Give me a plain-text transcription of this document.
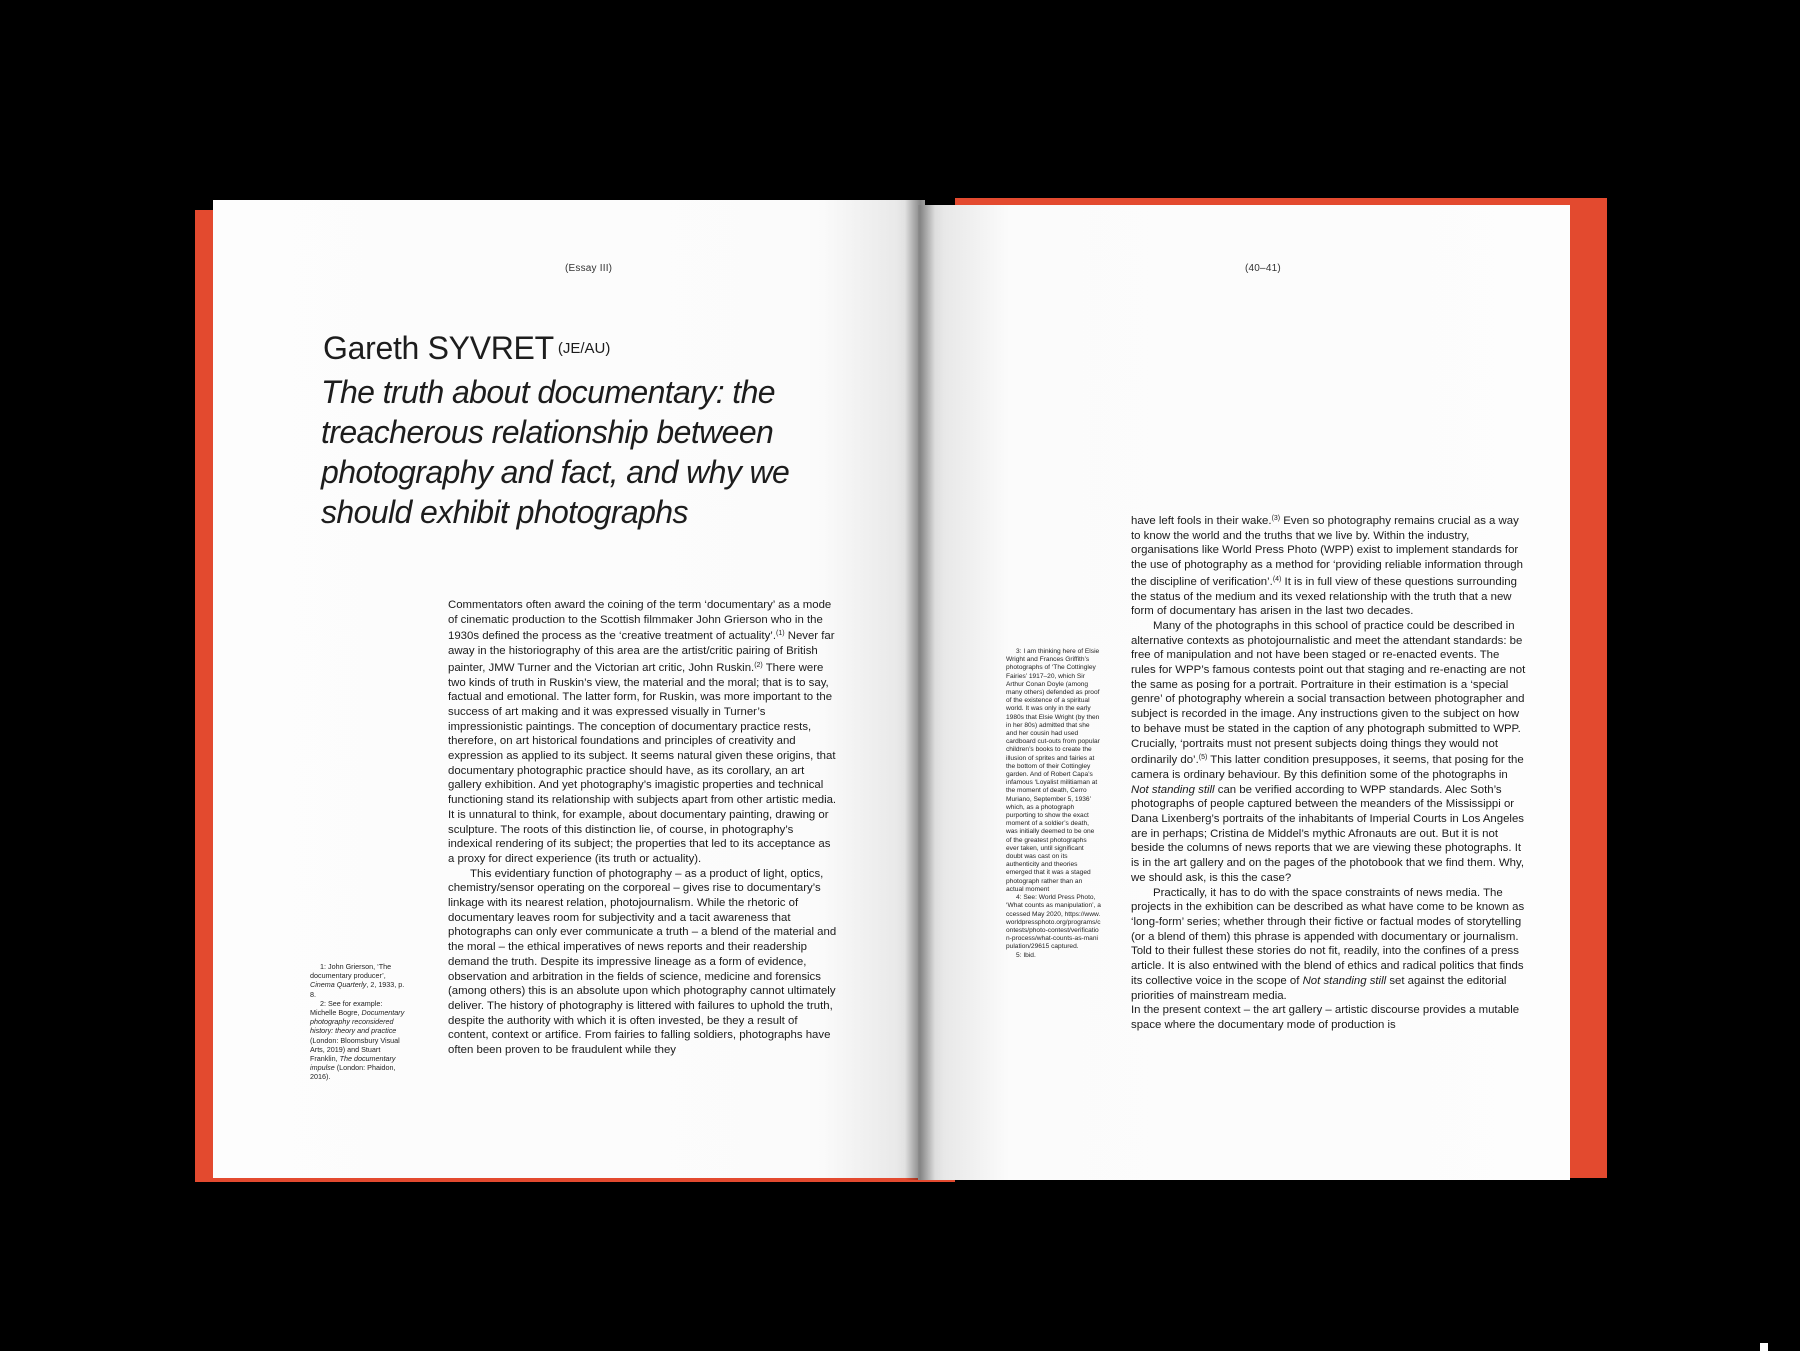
(Essay III)
Gareth SYVRET $^{(JE/AU)}$
The truth about documentary: the treacherous relationship between photography and fact, and why we should exhibit photographs

Commentators often award the coining of the term ‘documentary’ as a mode of cinematic production to the Scottish filmmaker John Grierson who in the 1930s defined the process as the ‘creative treatment of actuality’.$^{(1)}$ Never far away in the historiography of this area are the artist/critic pairing of British painter, JMW Turner and the Victorian art critic, John Ruskin.$^{(2)}$ There were two kinds of truth in Ruskin’s view, the material and the moral; that is to say, factual and emotional. The latter form, for Ruskin, was more important to the success of art making and it was expressed visually in Turner’s impressionistic paintings. The conception of documentary practice rests, therefore, on art historical foundations and principles of creativity and expression as applied to its subject. It seems natural given these origins, that documentary photographic practice should have, as its corollary, an art gallery exhibition. And yet photography’s imagistic properties and technical functioning stand its relationship with subjects apart from other artistic media. It is unnatural to think, for example, about documentary painting, drawing or sculpture. The roots of this distinction lie, of course, in photography’s indexical rendering of its subject; the properties that led to its acceptance as a proxy for direct experience (its truth or actuality).

This evidentiary function of photography – as a product of light, optics, chemistry/sensor operating on the corporeal – gives rise to documentary’s linkage with its nearest relation, photojournalism. While the rhetoric of documentary leaves room for subjectivity and a tacit awareness that photographs can only ever communicate a truth – a blend of the material and the moral – the ethical imperatives of news reports and their readership demand the truth. Despite its impressive lineage as a form of evidence, observation and arbitration in the fields of science, medicine and forensics (among others) this is an absolute upon which photography cannot ultimately deliver. The history of photography is littered with failures to uphold the truth, despite the authority with which it is often invested, be they a result of content, context or artifice. From fairies to falling soldiers, photographs have often been proven to be fraudulent while they

1: John Grierson, ‘The documentary producer’, Cinema Quarterly, 2, 1933, p. 8.

2: See for example: Michelle Bogre, Documentary photography reconsidered history: theory and practice (London: Bloomsbury Visual Arts, 2019) and Stuart Franklin, The documentary impulse (London: Phaidon, 2016).

(40–41)

have left fools in their wake.$^{(3)}$ Even so photography remains crucial as a way to know the world and the truths that we live by. Within the industry, organisations like World Press Photo (WPP) exist to implement standards for the use of photography as a method for ‘providing reliable information through the discipline of verification’.$^{(4)}$ It is in full view of these questions surrounding the status of the medium and its vexed relationship with the truth that a new form of documentary has arisen in the last two decades.

Many of the photographs in this school of practice could be described in alternative contexts as photojournalistic and meet the attendant standards: be free of manipulation and not have been staged or re-enacted events. The rules for WPP’s famous contests point out that staging and re-enacting are not the same as posing for a portrait. Portraiture in their estimation is a ‘special genre’ of photography wherein a social transaction between photographer and subject is recorded in the image. Any instructions given to the subject on how to behave must be stated in the caption of any photograph submitted to WPP. Crucially, ‘portraits must not present subjects doing things they would not ordinarily do’.$^{(5)}$ This latter condition presupposes, it seems, that posing for the camera is ordinary behaviour. By this definition some of the photographs in Not standing still can be verified according to WPP standards. Alec Soth’s photographs of people captured between the meanders of the Mississippi or Dana Lixenberg’s portraits of the inhabitants of Imperial Courts in Los Angeles are in perhaps; Cristina de Middel’s mythic Afronauts are out. But it is not beside the columns of news reports that we are viewing these photographs. It is in the art gallery and on the pages of the photobook that we find them. Why, we should ask, is this the case?

Practically, it has to do with the space constraints of news media. The projects in the exhibition can be described as what have come to be known as ‘long-form’ series; whether through their fictive or factual modes of storytelling (or a blend of them) this phrase is appended with documentary or journalism. Told to their fullest these stories do not fit, readily, into the confines of a press article. It is also entwined with the blend of ethics and radical politics that finds its collective voice in the scope of Not standing still set against the editorial priorities of mainstream media.

In the present context – the art gallery – artistic discourse provides a mutable space where the documentary mode of production is

3: I am thinking here of Elsie Wright and Frances Griffith’s photographs of ‘The Cottingley Fairies’ 1917–20, which Sir Arthur Conan Doyle (among many others) defended as proof of the existence of a spiritual world. It was only in the early 1980s that Elsie Wright (by then in her 80s) admitted that she and her cousin had used cardboard cut-outs from popular children’s books to create the illusion of sprites and fairies at the bottom of their Cottingley garden. And of Robert Capa’s infamous ‘Loyalist militiaman at the moment of death, Cerro Muriano, September 5, 1936’ which, as a photograph purporting to show the exact moment of a soldier’s death, was initially deemed to be one of the greatest photographs ever taken, until significant doubt was cast on its authenticity and theories emerged that it was a staged photograph rather than an actual moment

4: See: World Press Photo, ‘What counts as manipulation’, accessed May 2020, https://www.worldpressphoto.org/programs/contests/photo-contest/verification-process/what-counts-as-manipulation/29615 captured.

5: Ibid.
